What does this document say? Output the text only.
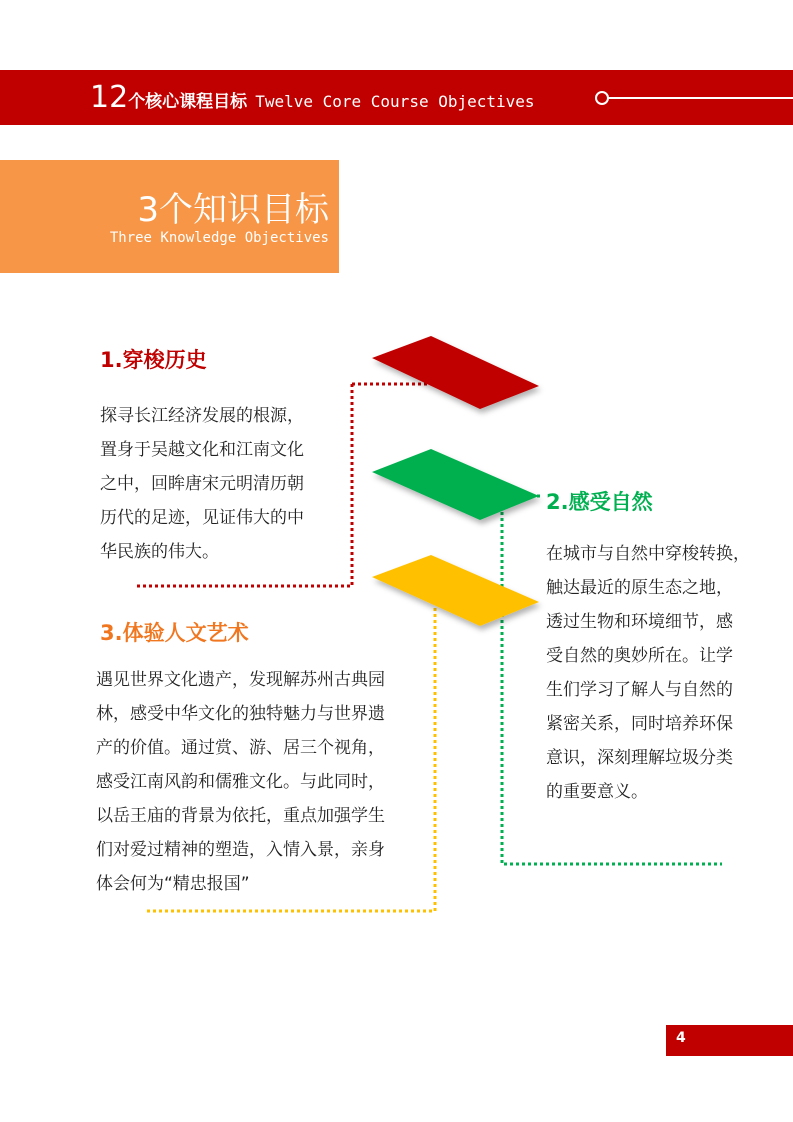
12个核心课程目标 Twelve Core Course Objectives
3个知识目标
Three Knowledge Objectives
1.穿梭历史
探寻长江经济发展的根源，
置身于吴越文化和江南文化
之中，回眸唐宋元明清历朝
历代的足迹，见证伟大的中
华民族的伟大。
2.感受自然
在城市与自然中穿梭转换，
触达最近的原生态之地，
透过生物和环境细节，感
受自然的奥妙所在。让学
生们学习了解人与自然的
紧密关系，同时培养环保
意识，深刻理解垃圾分类
的重要意义。
3.体验人文艺术
遇见世界文化遗产，发现解苏州古典园
林，感受中华文化的独特魅力与世界遗
产的价值。通过赏、游、居三个视角，
感受江南风韵和儒雅文化。与此同时，
以岳王庙的背景为依托，重点加强学生
们对爱过精神的塑造，入情入景，亲身
体会何为“精忠报国”
4
